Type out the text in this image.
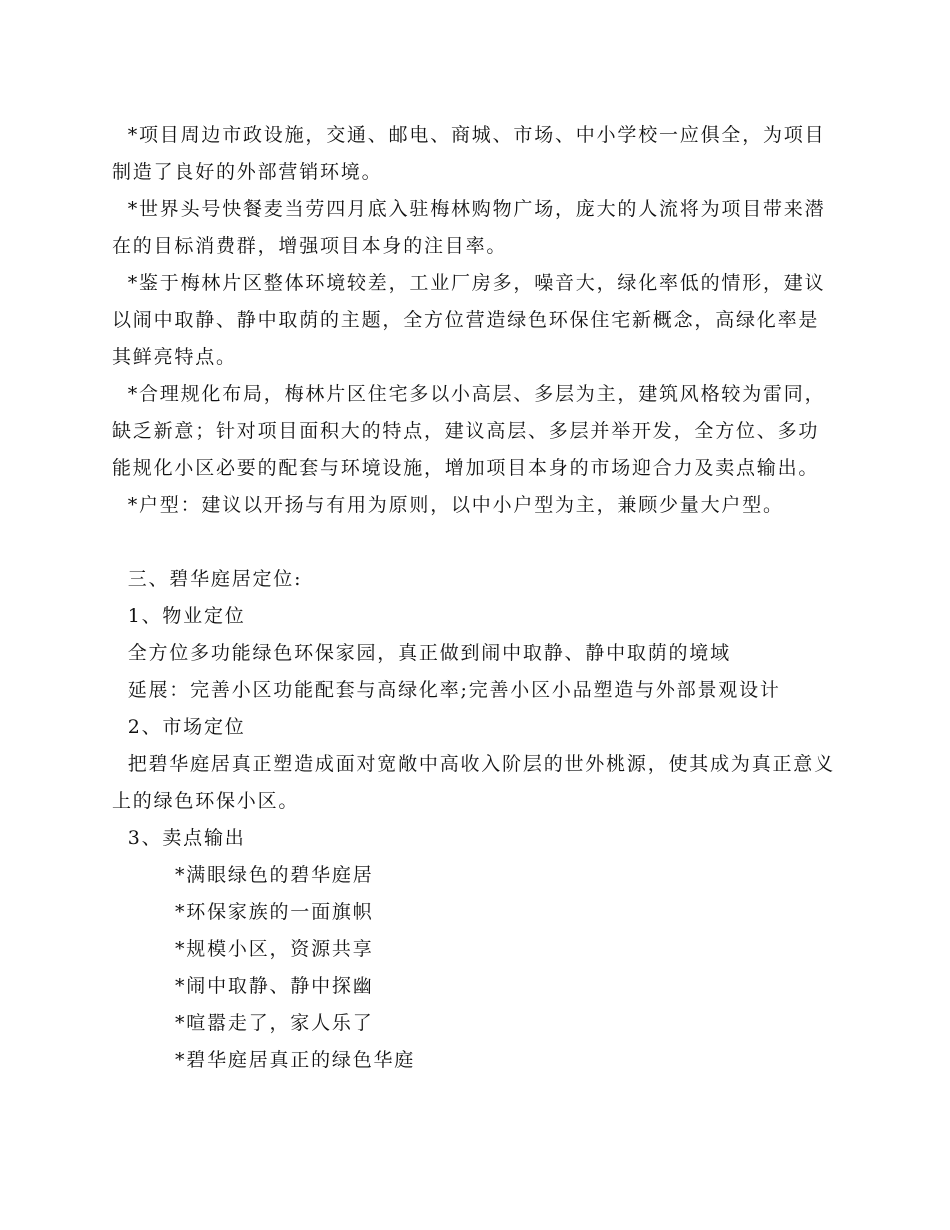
*项目周边市政设施，交通、邮电、商城、市场、中小学校一应俱全，为项目制造了良好的外部营销环境。

*世界头号快餐麦当劳四月底入驻梅林购物广场，庞大的人流将为项目带来潜在的目标消费群，增强项目本身的注目率。

*鉴于梅林片区整体环境较差，工业厂房多，噪音大，绿化率低的情形，建议以闹中取静、静中取荫的主题，全方位营造绿色环保住宅新概念，高绿化率是其鲜亮特点。

*合理规化布局，梅林片区住宅多以小高层、多层为主，建筑风格较为雷同，缺乏新意；针对项目面积大的特点，建议高层、多层并举开发，全方位、多功能规化小区必要的配套与环境设施，增加项目本身的市场迎合力及卖点输出。

*户型：建议以开扬与有用为原则，以中小户型为主，兼顾少量大户型。

三、碧华庭居定位:

1、物业定位

全方位多功能绿色环保家园，真正做到闹中取静、静中取荫的境域

延展：完善小区功能配套与高绿化率;完善小区小品塑造与外部景观设计

2、市场定位

把碧华庭居真正塑造成面对宽敞中高收入阶层的世外桃源，使其成为真正意义上的绿色环保小区。

3、卖点输出

*满眼绿色的碧华庭居

*环保家族的一面旗帜

*规模小区，资源共享

*闹中取静、静中探幽

*喧嚣走了，家人乐了

*碧华庭居真正的绿色华庭
